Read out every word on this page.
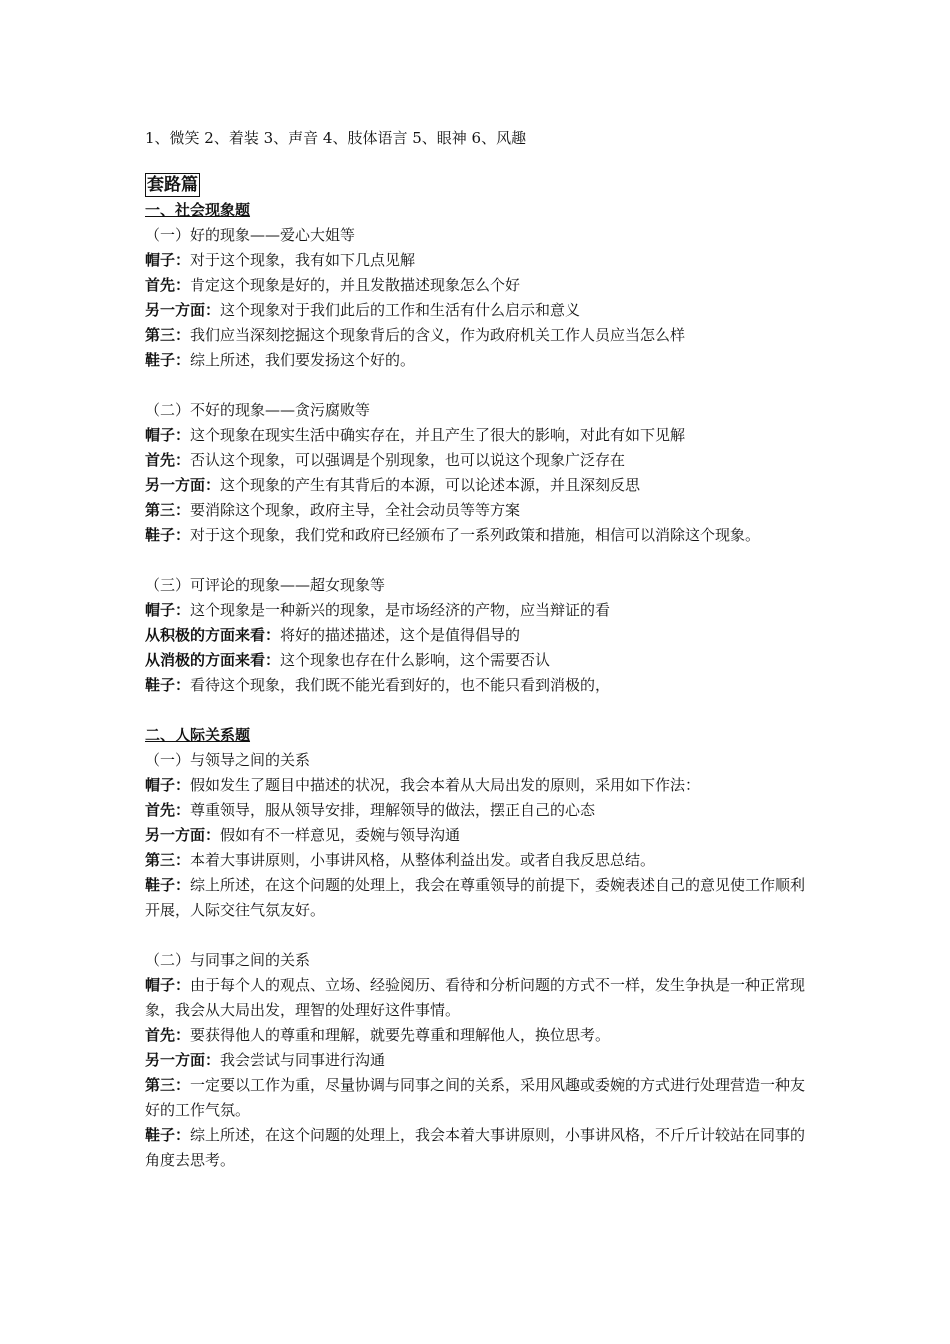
1、微笑 2、着装 3、声音 4、肢体语言 5、眼神 6、风趣
套路篇
一、社会现象题
（一）好的现象——爱心大姐等
帽子：对于这个现象，我有如下几点见解
首先：肯定这个现象是好的，并且发散描述现象怎么个好
另一方面：这个现象对于我们此后的工作和生活有什么启示和意义
第三：我们应当深刻挖掘这个现象背后的含义，作为政府机关工作人员应当怎么样
鞋子：综上所述，我们要发扬这个好的。
（二）不好的现象——贪污腐败等
帽子：这个现象在现实生活中确实存在，并且产生了很大的影响，对此有如下见解
首先：否认这个现象，可以强调是个别现象，也可以说这个现象广泛存在
另一方面：这个现象的产生有其背后的本源，可以论述本源，并且深刻反思
第三：要消除这个现象，政府主导，全社会动员等等方案
鞋子：对于这个现象，我们党和政府已经颁布了一系列政策和措施，相信可以消除这个现象。
（三）可评论的现象——超女现象等
帽子：这个现象是一种新兴的现象，是市场经济的产物，应当辩证的看
从积极的方面来看：将好的描述描述，这个是值得倡导的
从消极的方面来看：这个现象也存在什么影响，这个需要否认
鞋子：看待这个现象，我们既不能光看到好的，也不能只看到消极的，
二、人际关系题
（一）与领导之间的关系
帽子：假如发生了题目中描述的状况，我会本着从大局出发的原则，采用如下作法：
首先：尊重领导，服从领导安排，理解领导的做法，摆正自己的心态
另一方面：假如有不一样意见，委婉与领导沟通
第三：本着大事讲原则，小事讲风格，从整体利益出发。或者自我反思总结。
鞋子：综上所述，在这个问题的处理上，我会在尊重领导的前提下，委婉表述自己的意见使工作顺利开展，人际交往气氛友好。
（二）与同事之间的关系
帽子：由于每个人的观点、立场、经验阅历、看待和分析问题的方式不一样，发生争执是一种正常现象，我会从大局出发，理智的处理好这件事情。
首先：要获得他人的尊重和理解，就要先尊重和理解他人，换位思考。
另一方面：我会尝试与同事进行沟通
第三：一定要以工作为重，尽量协调与同事之间的关系，采用风趣或委婉的方式进行处理营造一种友好的工作气氛。
鞋子：综上所述，在这个问题的处理上，我会本着大事讲原则，小事讲风格，不斤斤计较站在同事的角度去思考。
